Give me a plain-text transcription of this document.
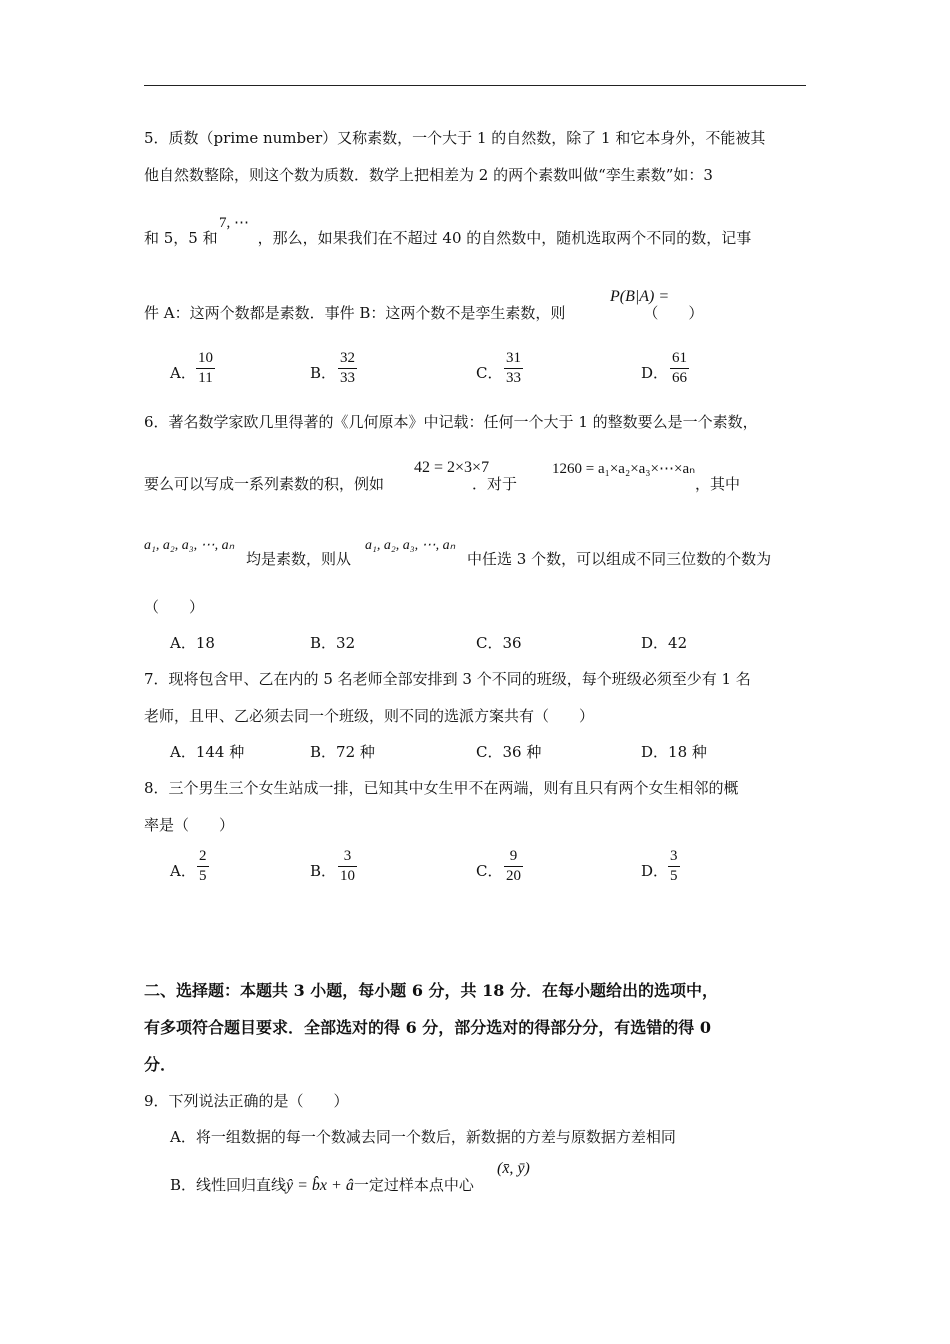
5．质数（prime number）又称素数，一个大于 1 的自然数，除了 1 和它本身外，不能被其
他自然数整除，则这个数为质数．数学上把相差为 2 的两个素数叫做“孪生素数”如：3
和 5，5 和	，那么，如果我们在不超过 40 的自然数中，随机选取两个不同的数，记事
7, ⋯
件 A：这两个数都是素数．事件 B：这两个数不是孪生素数，则	（　　）
P(B|A) =
A．
10
11	B．
32
33	C．
31
33	D．
61
66
6．著名数学家欧几里得著的《几何原本》中记载：任何一个大于 1 的整数要么是一个素数，
要么可以写成一系列素数的积，例如	．对于	，其中
42 = 2×3×7	1260 = a₁×a₂×a₃×⋯×aₙ
a₁, a₂, a₃, ⋯, aₙ
均是素数，则从
a₁, a₂, a₃, ⋯, aₙ
中任选 3 个数，可以组成不同三位数的个数为
（　　）
A．18	B．32	C．36	D．42
7．现将包含甲、乙在内的 5 名老师全部安排到 3 个不同的班级，每个班级必须至少有 1 名
老师，且甲、乙必须去同一个班级，则不同的选派方案共有（　　）
A．144 种	B．72 种	C．36 种	D．18 种
8．三个男生三个女生站成一排，已知其中女生甲不在两端，则有且只有两个女生相邻的概
率是（　　）
A．
2
5	B．
3
10	C．
9
20	D．
3
5
二、选择题：本题共 3 小题，每小题 6 分，共 18 分．在每小题给出的选项中，
有多项符合题目要求．全部选对的得 6 分，部分选对的得部分分，有选错的得 0
分．
9．下列说法正确的是（　　）
A．将一组数据的每一个数减去同一个数后，新数据的方差与原数据方差相同
B．线性回归直线ŷ = b̂x + â一定过样本点中心
(x̄, ȳ)
